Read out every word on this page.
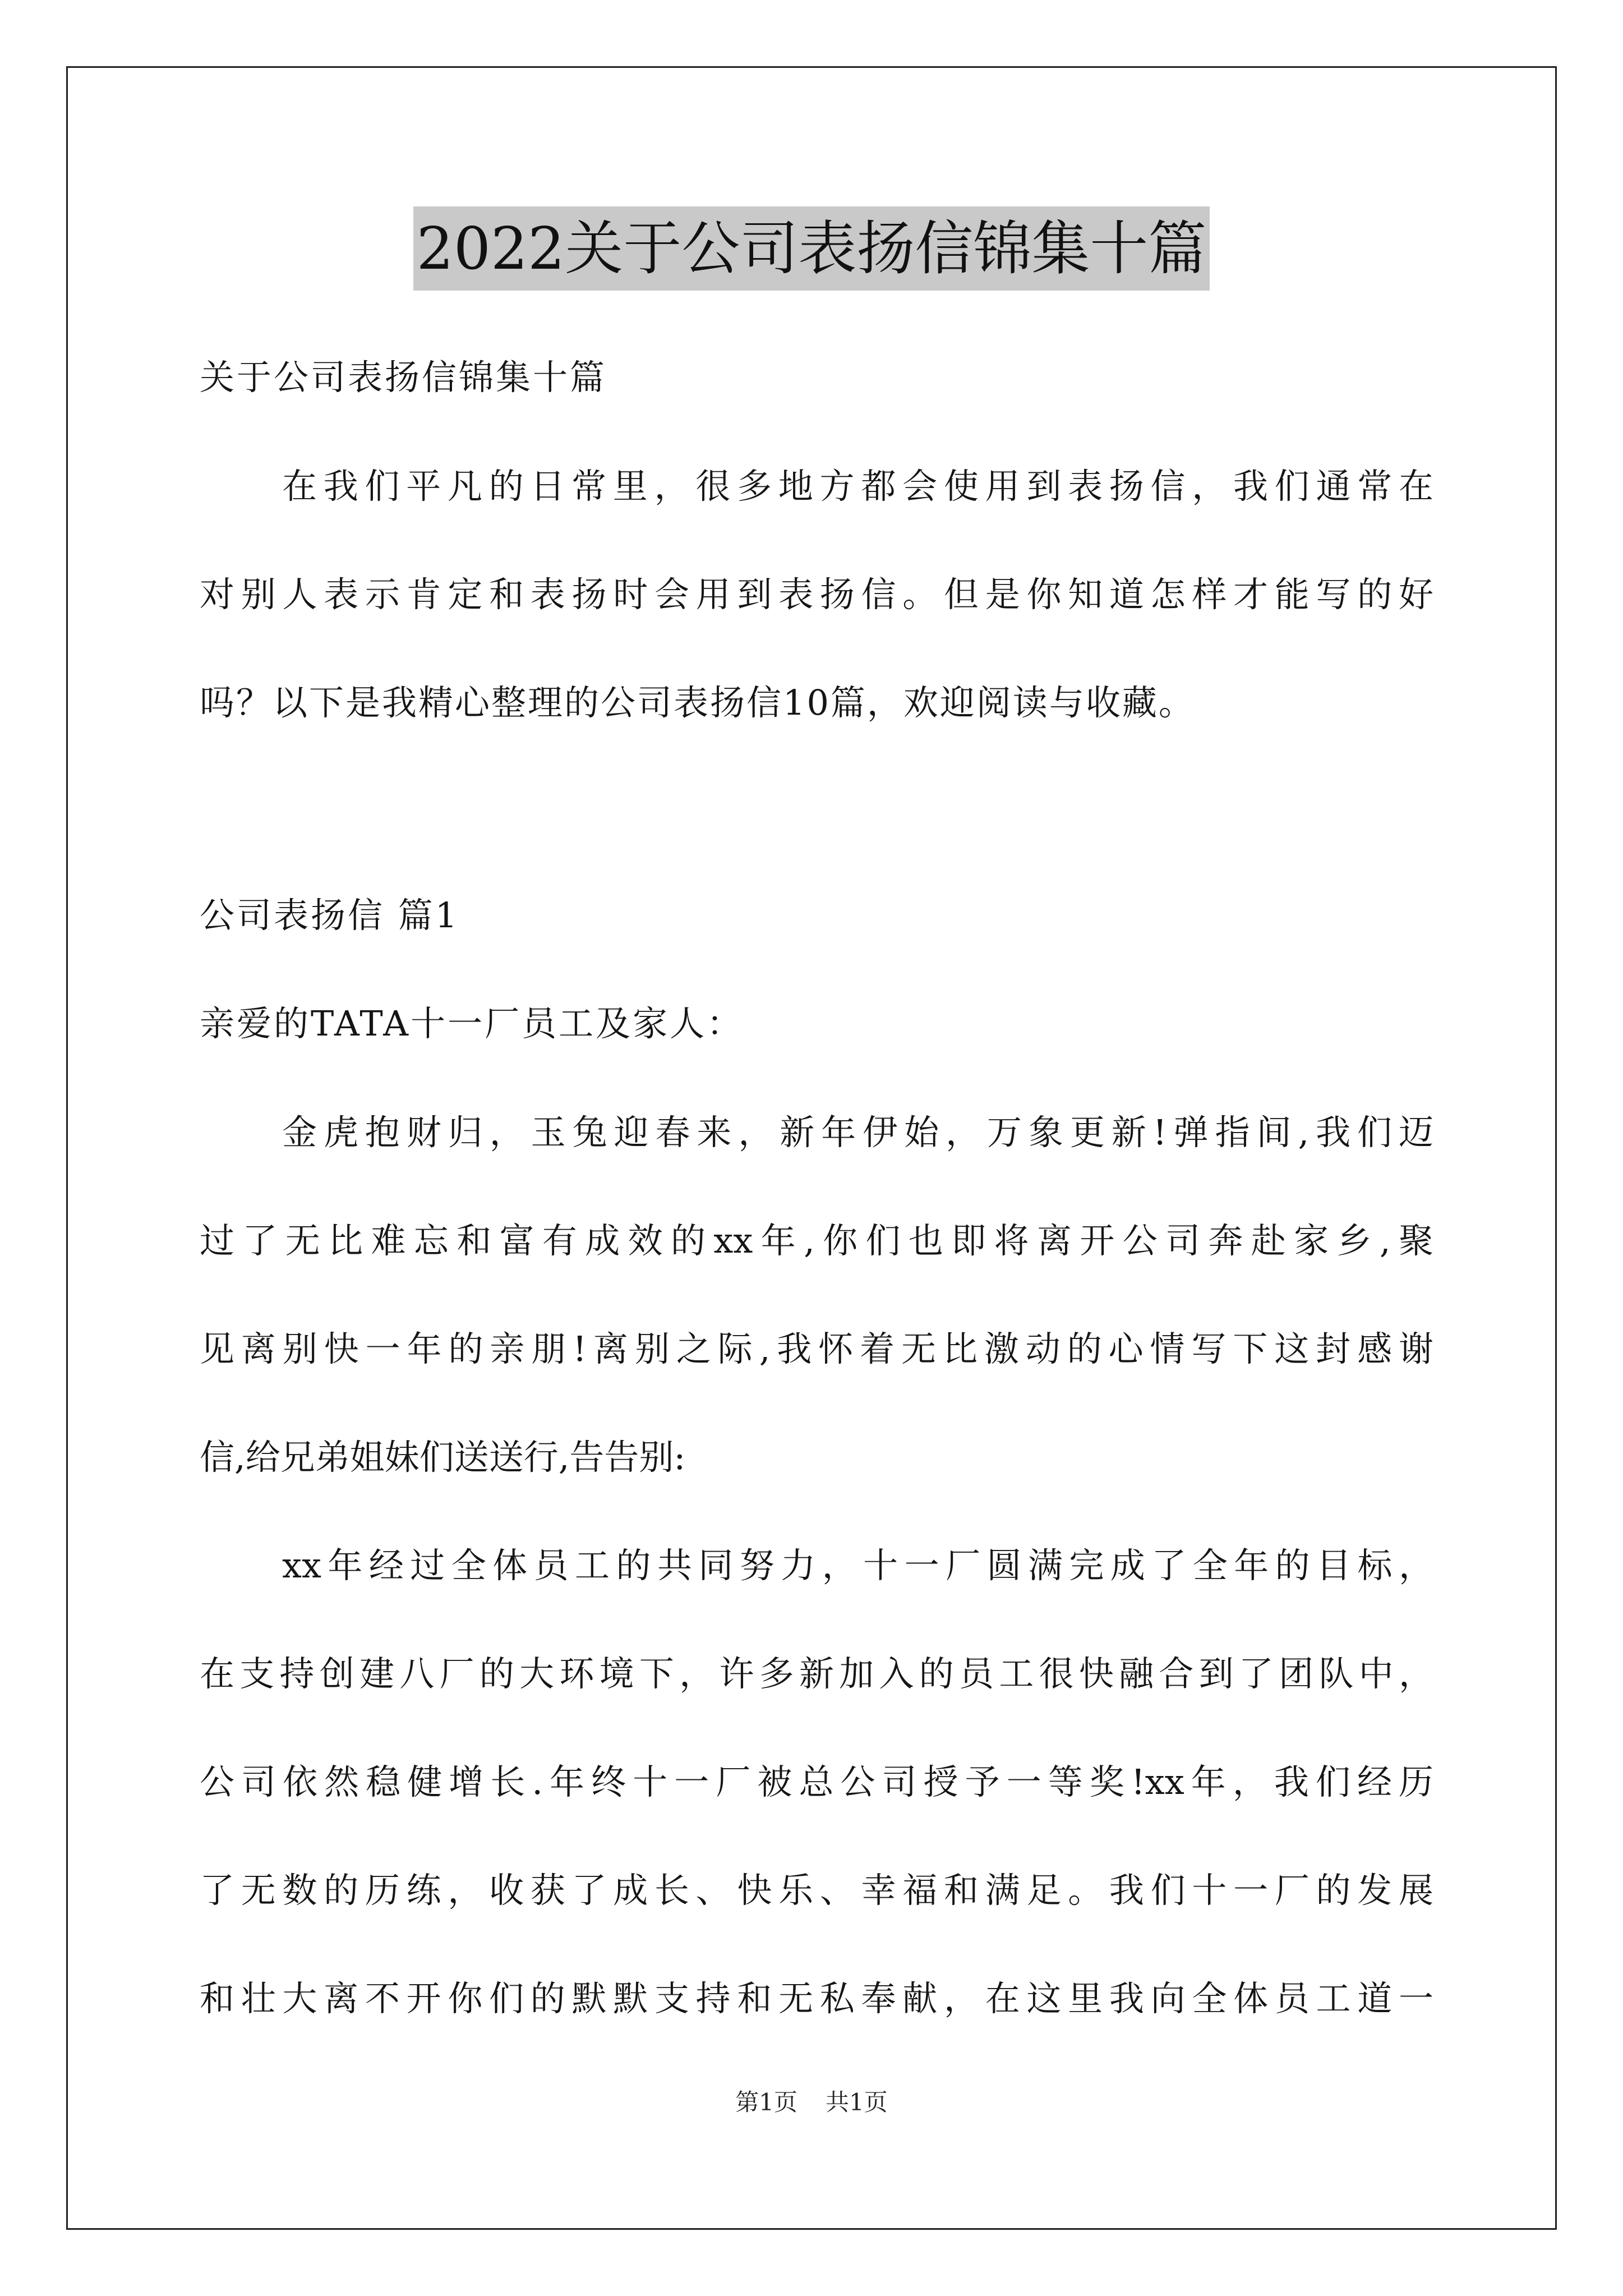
2022关于公司表扬信锦集十篇
关于公司表扬信锦集十篇
在我们平凡的日常里，很多地方都会使用到表扬信，我们通常在
对别人表示肯定和表扬时会用到表扬信。但是你知道怎样才能写的好
吗？以下是我精心整理的公司表扬信10篇，欢迎阅读与收藏。
公司表扬信 篇1
亲爱的TATA十一厂员工及家人：
金虎抱财归，玉兔迎春来，新年伊始，万象更新!弹指间,我们迈
过了无比难忘和富有成效的xx年,你们也即将离开公司奔赴家乡,聚
见离别快一年的亲朋!离别之际,我怀着无比激动的心情写下这封感谢
信,给兄弟姐妹们送送行,告告别:
xx年经过全体员工的共同努力，十一厂圆满完成了全年的目标，
在支持创建八厂的大环境下，许多新加入的员工很快融合到了团队中，
公司依然稳健增长.年终十一厂被总公司授予一等奖!xx年，我们经历
了无数的历练，收获了成长、快乐、幸福和满足。我们十一厂的发展
和壮大离不开你们的默默支持和无私奉献，在这里我向全体员工道一
第1页 共1页
